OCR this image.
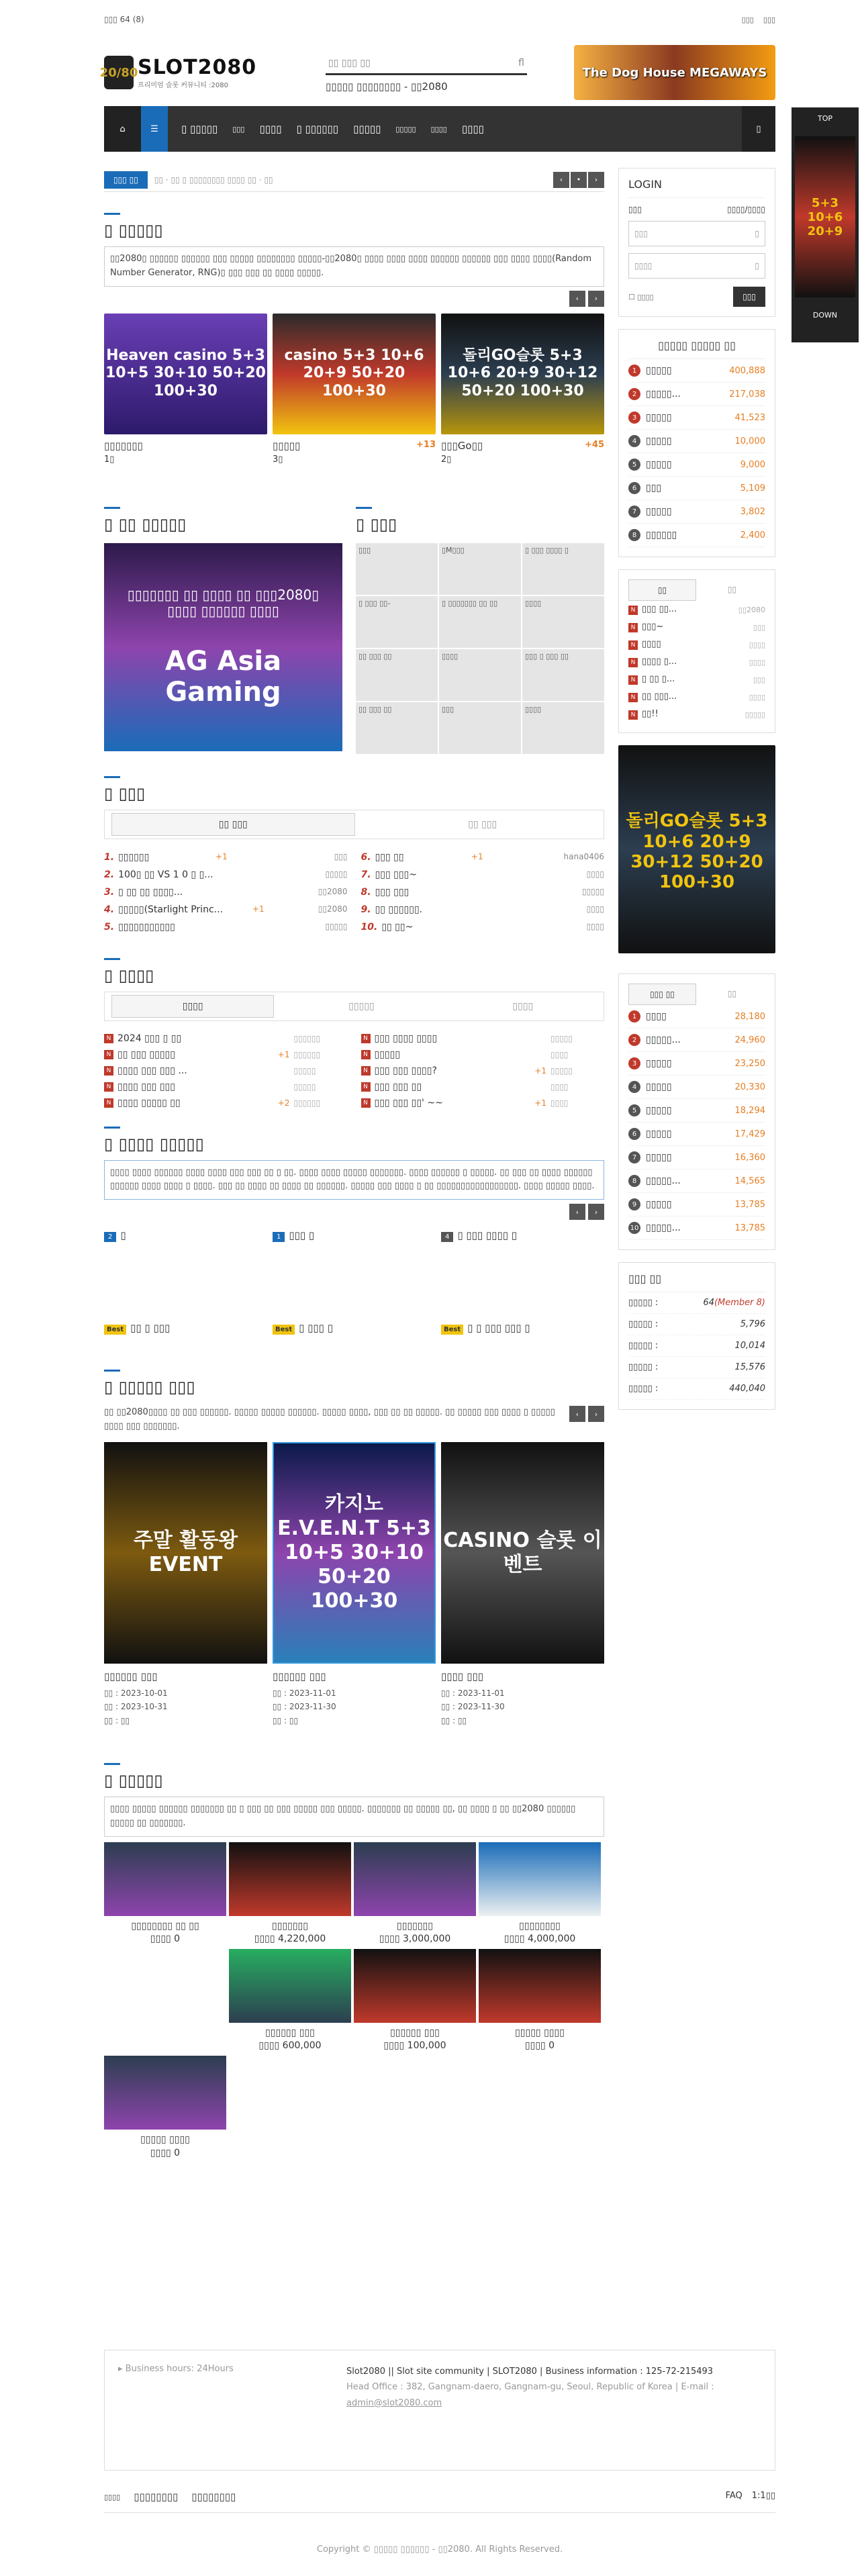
▯▯▯ 64 (8)	▯▯▯ ▯▯▯
20/80 SLOT2080
프리미엄 슬롯 커뮤니티 :2080
▯▯ ▯▯▯ ▯▯	fl
▯▯▯▯▯ ▯▯▯▯▯▯▯▯ - ▯▯2080
The Dog House MEGAWAYS
⌂	☰	▯ ▯▯▯▯▯ ▯▯▯ ▯▯▯▯ ▯ ▯▯▯▯▯▯ ▯▯▯▯▯ ▯▯▯▯▯ ▯▯▯▯ ▯▯▯▯	▯
TOP
5+3 10+6 20+9
DOWN
▯▯▯ ▯▯	▯▯ · ▯▯ ▯ ▯▯▯▯▯▯▯▯ ▯▯▯▯ ▯▯ · ▯▯	‹	•	›
▯ ▯▯▯▯▯
▯▯2080▯ ▯▯▯▯▯▯ ▯▯▯▯▯▯ ▯▯▯ ▯▯▯▯▯ ▯▯▯▯▯▯▯▯ ▯▯▯▯▯-▯▯2080▯ ▯▯▯▯ ▯▯▯▯ ▯▯▯▯ ▯▯▯▯▯▯ ▯▯▯▯▯▯ ▯▯▯ ▯▯▯▯ ▯▯▯▯(Random Number Generator, RNG)▯ ▯▯▯ ▯▯▯ ▯▯ ▯▯▯▯ ▯▯▯▯▯.
‹ ›
Heaven casino 5+3 10+5 30+10 50+20 100+30
▯▯▯▯▯▯▯
1▯
casino 5+3 10+6 20+9 50+20 100+30
▯▯▯▯▯	+13
3▯
돌리GO슬롯 5+3 10+6 20+9 30+12 50+20 100+30
▯▯▯Go▯▯	+45
2▯
▯ ▯▯ ▯▯▯▯▯
▯▯▯▯▯▯▯ ▯▯ ▯▯▯▯ ▯▯ ▯▯▯2080▯ ▯▯▯▯ ▯▯▯▯▯▯ ▯▯▯▯
AG Asia Gaming
▯ ▯▯▯
▯▯▯	▯M▯▯▯	▯ ▯▯▯ ▯▯▯▯ ▯
▯ ▯▯▯ ▯▯-	▯ ▯▯▯▯▯▯▯ ▯▯ ▯▯	▯▯▯▯
▯▯ ▯▯▯ ▯▯	▯▯▯▯	▯▯▯ ▯ ▯▯▯ ▯▯
▯▯ ▯▯▯ ▯▯	▯▯▯	▯▯▯▯
▯ ▯▯▯
▯▯ ▯▯▯	▯▯ ▯▯▯
1. ▯▯▯▯▯▯	+1	▯▯▯ 6. ▯▯▯ ▯▯	+1	hana0406
2. 100▯ ▯▯ VS 1 0 ▯ ▯...	▯▯▯▯▯ 7. ▯▯▯ ▯▯▯~	▯▯▯▯
3. ▯ ▯▯ ▯▯ ▯▯▯▯...	▯▯2080 8. ▯▯▯ ▯▯▯	▯▯▯▯▯
4. ▯▯▯▯▯(Starlight Princ...	+1	▯▯2080 9. ▯▯ ▯▯▯▯▯▯.	▯▯▯▯
5. ▯▯▯▯▯▯▯▯▯▯▯	▯▯▯▯▯ 10. ▯▯ ▯▯~	▯▯▯▯
▯ ▯▯▯▯
▯▯▯▯	▯▯▯▯▯	▯▯▯▯
N 2024 ▯▯▯ ▯ ▯▯	▯▯▯▯▯▯	N ▯▯▯ ▯▯▯▯ ▯▯▯▯	▯▯▯▯▯
N ▯▯ ▯▯▯ ▯▯▯▯▯	+1 ▯▯▯▯▯▯	N ▯▯▯▯▯	▯▯▯▯
N ▯▯▯▯ ▯▯▯ ▯▯▯ ...	▯▯▯▯▯	N ▯▯▯ ▯▯▯ ▯▯▯▯?	+1 ▯▯▯▯▯
N ▯▯▯▯ ▯▯▯ ▯▯▯	▯▯▯▯▯	N ▯▯▯ ▯▯▯ ▯▯	▯▯▯▯
N ▯▯▯▯ ▯▯▯▯▯ ▯▯	+2 ▯▯▯▯▯▯	N ▯▯▯ ▯▯▯ ▯▯' ~~	+1 ▯▯▯▯
▯ ▯▯▯▯ ▯▯▯▯▯
▯▯▯▯ ▯▯▯▯ ▯▯▯▯▯▯ ▯▯▯▯ ▯▯▯▯ ▯▯▯ ▯▯▯ ▯▯ ▯ ▯▯. ▯▯▯▯ ▯▯▯▯ ▯▯▯▯▯ ▯▯▯▯▯▯▯. ▯▯▯▯ ▯▯▯▯▯▯ ▯ ▯▯▯▯▯. ▯▯ ▯▯▯ ▯▯ ▯▯▯▯ ▯▯▯▯▯▯ ▯▯▯▯▯▯ ▯▯▯▯ ▯▯▯▯ ▯ ▯▯▯▯. ▯▯▯ ▯▯ ▯▯▯▯ ▯▯ ▯▯▯▯ ▯▯ ▯▯▯▯▯▯. ▯▯▯▯▯ ▯▯▯ ▯▯▯▯ ▯ ▯▯ ▯▯▯▯▯▯▯▯▯▯▯▯▯▯▯▯▯. ▯▯▯▯ ▯▯▯▯▯ ▯▯▯▯.
‹ ›
2 ▯	1 ▯▯▯ ▯	4 ▯ ▯▯▯ ▯▯▯▯ ▯
Best ▯▯ ▯ ▯▯▯	Best ▯ ▯▯▯ ▯	Best ▯ ▯ ▯▯▯ ▯▯▯ ▯
▯ ▯▯▯▯▯ ▯▯▯
▯▯ ▯▯2080▯▯▯▯ ▯▯ ▯▯▯ ▯▯▯▯▯▯. ▯▯▯▯▯ ▯▯▯▯▯ ▯▯▯▯▯▯. ▯▯▯▯▯ ▯▯▯▯, ▯▯▯ ▯▯ ▯▯ ▯▯▯▯▯. ▯▯ ▯▯▯▯▯ ▯▯▯ ▯▯▯▯ ▯ ▯▯▯▯▯ ▯▯▯▯ ▯▯▯ ▯▯▯▯▯▯▯.
‹ ›
주말 활동왕 EVENT
▯▯▯▯▯▯ ▯▯▯
▯▯ : 2023-10-01
▯▯ : 2023-10-31
▯▯ : ▯▯
카지노 E.V.E.N.T 5+3 10+5 30+10 50+20 100+30
▯▯▯▯▯▯ ▯▯▯
▯▯ : 2023-11-01
▯▯ : 2023-11-30
▯▯ : ▯▯
CASINO 슬롯 이벤트
▯▯▯▯ ▯▯▯
▯▯ : 2023-11-01
▯▯ : 2023-11-30
▯▯ : ▯▯
▯ ▯▯▯▯▯
▯▯▯▯ ▯▯▯▯▯ ▯▯▯▯▯▯ ▯▯▯▯▯▯▯ ▯▯ ▯ ▯▯▯ ▯▯ ▯▯▯ ▯▯▯▯▯ ▯▯▯ ▯▯▯▯▯. ▯▯▯▯▯▯▯ ▯▯ ▯▯▯▯▯ ▯▯, ▯▯ ▯▯▯▯ ▯ ▯▯ ▯▯2080 ▯▯▯▯▯▯ ▯▯▯▯▯ ▯▯ ▯▯▯▯▯▯▯.
▯▯▯▯▯▯▯▯ ▯▯ ▯▯
▯▯▯▯ 0
▯▯▯▯▯▯▯
▯▯▯▯ 4,220,000
▯▯▯▯▯▯▯
▯▯▯▯ 3,000,000
▯▯▯▯▯▯▯▯
▯▯▯▯ 4,000,000
▯▯▯▯▯▯ ▯▯▯
▯▯▯▯ 600,000
▯▯▯▯▯▯ ▯▯▯
▯▯▯▯ 100,000
▯▯▯▯▯ ▯▯▯▯
▯▯▯▯ 0
▯▯▯▯▯ ▯▯▯▯
▯▯▯▯ 0
LOGIN
▯▯▯	▯▯▯▯/▯▯▯▯
▯▯▯	▯
▯▯▯▯	▯
☐ ▯▯▯▯	▯▯▯
▯▯▯▯▯ ▯▯▯▯▯ ▯▯
1 ▯▯▯▯▯	400,888
2 ▯▯▯▯▯...	217,038
3 ▯▯▯▯▯	41,523
4 ▯▯▯▯▯	10,000
5 ▯▯▯▯▯	9,000
6 ▯▯▯	5,109
7 ▯▯▯▯▯	3,802
8 ▯▯▯▯▯▯	2,400
▯▯	▯▯
N ▯▯▯ ▯▯...	▯▯2080
N ▯▯▯~	▯▯▯
N ▯▯▯▯	▯▯▯▯
N ▯▯▯▯ ▯...	▯▯▯▯
N ▯ ▯▯ ▯...	▯▯▯
N ▯▯ ▯▯▯...	▯▯▯▯
N ▯▯!!	▯▯▯▯▯
돌리GO슬롯 5+3 10+6 20+9 30+12 50+20 100+30
▯▯▯ ▯▯	▯▯
1 ▯▯▯▯	28,180
2 ▯▯▯▯▯...	24,960
3 ▯▯▯▯▯	23,250
4 ▯▯▯▯▯	20,330
5 ▯▯▯▯▯	18,294
6 ▯▯▯▯▯	17,429
7 ▯▯▯▯▯	16,360
8 ▯▯▯▯▯...	14,565
9 ▯▯▯▯▯	13,785
10 ▯▯▯▯▯...	13,785
▯▯▯ ▯▯
▯▯▯▯▯ :	64(Member 8)
▯▯▯▯▯ :	5,796
▯▯▯▯▯ :	10,014
▯▯▯▯▯ :	15,576
▯▯▯▯▯ :	440,040
▸ Business hours: 24Hours	Slot2080 || Slot site community | SLOT2080 | Business information : 125-72-215493
Head Office : 382, Gangnam-daero, Gangnam-gu, Seoul, Republic of Korea | E-mail :
admin@slot2080.com
▯▯▯▯ ▯▯▯▯▯▯▯▯ ▯▯▯▯▯▯▯▯	FAQ 1:1▯▯
Copyright © ▯▯▯▯▯ ▯▯▯▯▯▯ - ▯▯2080. All Rights Reserved.
